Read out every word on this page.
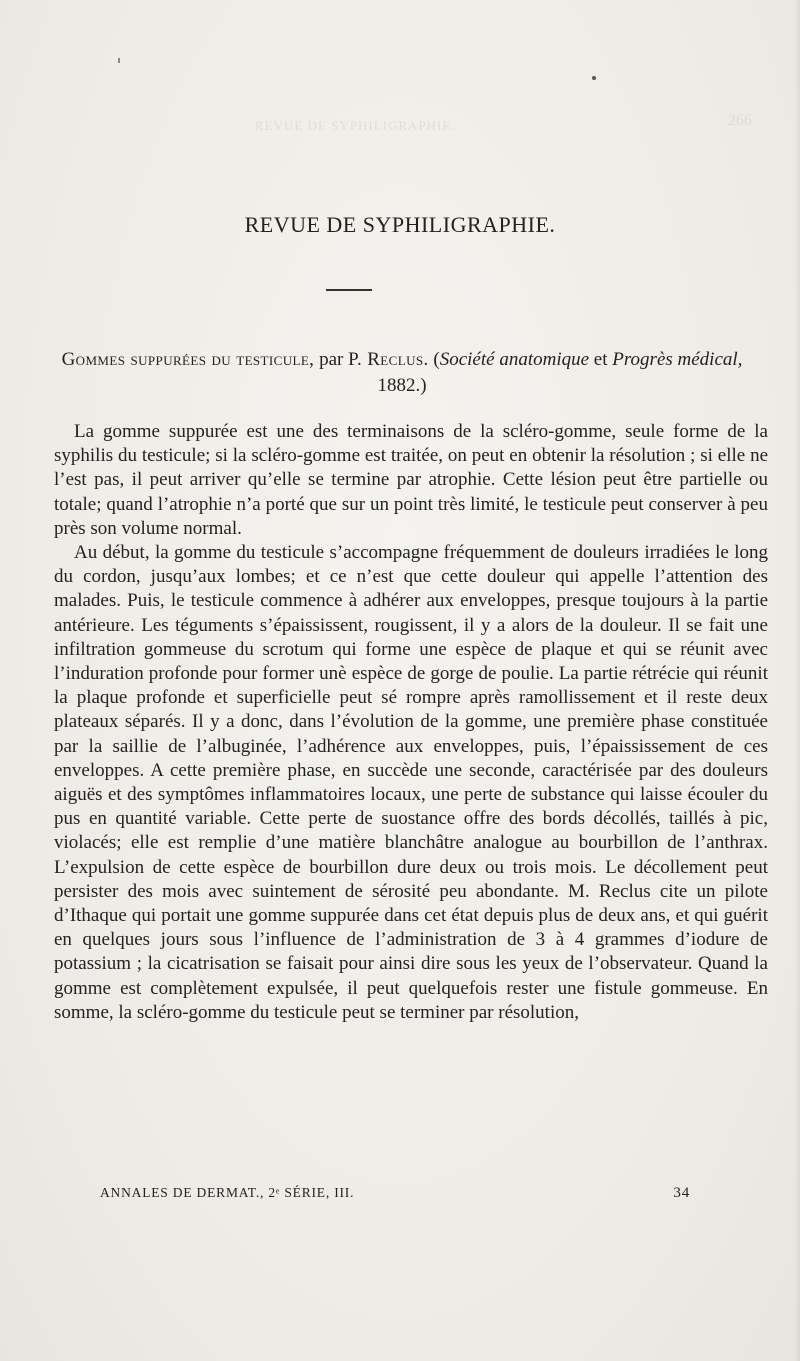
REVUE DE SYPHILIGRAPHIE.	266
REVUE DE SYPHILIGRAPHIE.
Gommes suppurées du testicule, par P. Reclus. (Société anatomique et Progrès médical, 1882.)

La gomme suppurée est une des terminaisons de la scléro-gomme, seule forme de la syphilis du testicule; si la scléro-gomme est traitée, on peut en obtenir la résolution ; si elle ne l’est pas, il peut arriver qu’elle se termine par atrophie. Cette lésion peut être partielle ou totale; quand l’atrophie n’a porté que sur un point très limité, le testicule peut conserver à peu près son volume normal.

Au début, la gomme du testicule s’accompagne fréquemment de douleurs irradiées le long du cordon, jusqu’aux lombes; et ce n’est que cette douleur qui appelle l’attention des malades. Puis, le testicule commence à adhérer aux enveloppes, presque toujours à la partie antérieure. Les téguments s’épaississent, rougissent, il y a alors de la douleur. Il se fait une infiltration gommeuse du scrotum qui forme une espèce de plaque et qui se réunit avec l’induration profonde pour former unè espèce de gorge de poulie. La partie rétrécie qui réunit la plaque profonde et superficielle peut sé rompre après ramollissement et il reste deux plateaux séparés. Il y a donc, dans l’évolution de la gomme, une première phase constituée par la saillie de l’albuginée, l’adhérence aux enveloppes, puis, l’épaississement de ces enveloppes. A cette première phase, en succède une seconde, caractérisée par des douleurs aiguës et des symptômes inflammatoires locaux, une perte de substance qui laisse écouler du pus en quantité variable. Cette perte de suostance offre des bords décollés, taillés à pic, violacés; elle est remplie d’une matière blanchâtre analogue au bourbillon de l’anthrax. L’expulsion de cette espèce de bourbillon dure deux ou trois mois. Le décollement peut persister des mois avec suintement de sérosité peu abondante. M. Reclus cite un pilote d’Ithaque qui portait une gomme suppurée dans cet état depuis plus de deux ans, et qui guérit en quelques jours sous l’influence de l’administration de 3 à 4 grammes d’iodure de potassium ; la cicatrisation se faisait pour ainsi dire sous les yeux de l’observateur. Quand la gomme est complètement expulsée, il peut quelquefois rester une fistule gommeuse. En somme, la scléro-gomme du testicule peut se terminer par résolution,

ANNALES DE DERMAT., 2ᵉ SÉRIE, III.	34
